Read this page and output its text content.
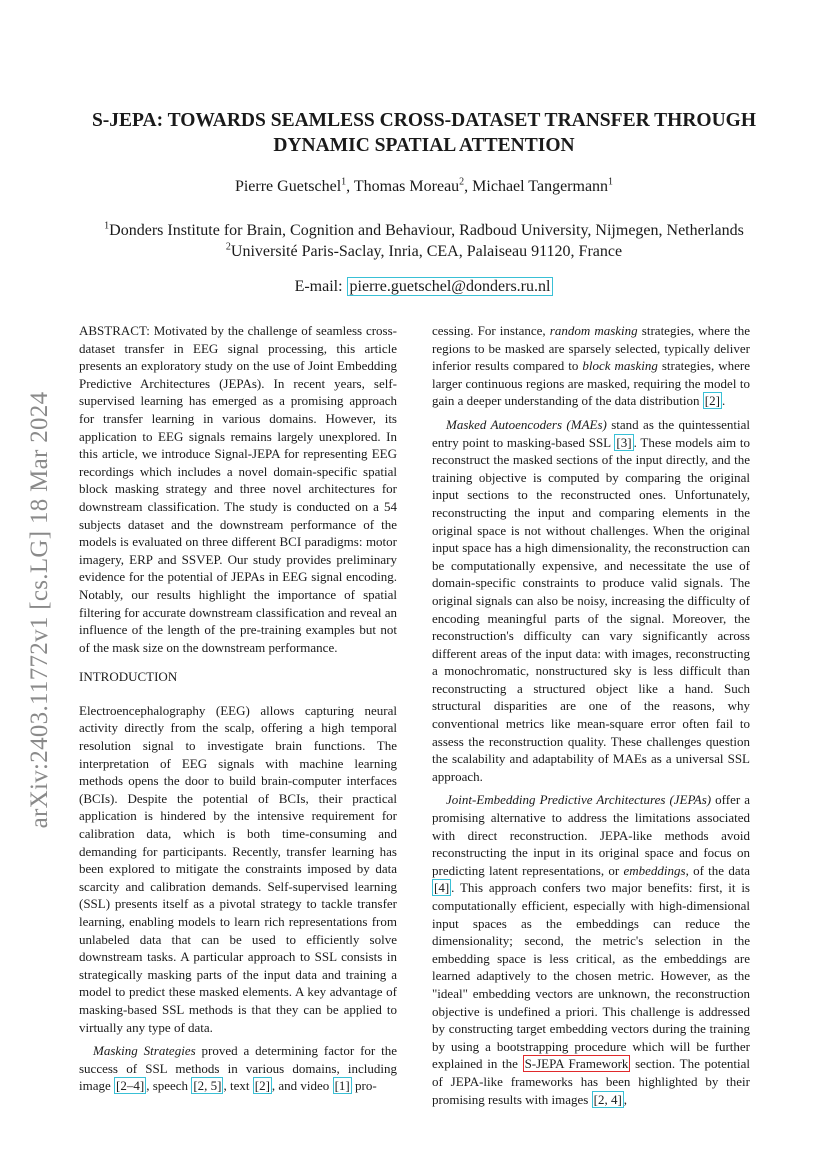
arXiv:2403.11772v1 [cs.LG] 18 Mar 2024
S-JEPA: TOWARDS SEAMLESS CROSS-DATASET TRANSFER THROUGH
DYNAMIC SPATIAL ATTENTION
Pierre Guetschel$^1$, Thomas Moreau$^2$, Michael Tangermann$^1$
$^1$Donders Institute for Brain, Cognition and Behaviour, Radboud University, Nijmegen, Netherlands
$^2$Université Paris-Saclay, Inria, CEA, Palaiseau 91120, France
E-mail: pierre.guetschel@donders.ru.nl

ABSTRACT: Motivated by the challenge of seamless cross-dataset transfer in EEG signal processing, this article presents an exploratory study on the use of Joint Embedding Predictive Architectures (JEPAs). In recent years, self-supervised learning has emerged as a promising approach for transfer learning in various domains. However, its application to EEG signals remains largely unexplored. In this article, we introduce Signal-JEPA for representing EEG recordings which includes a novel domain-specific spatial block masking strategy and three novel architectures for downstream classification. The study is conducted on a 54 subjects dataset and the downstream performance of the models is evaluated on three different BCI paradigms: motor imagery, ERP and SSVEP. Our study provides preliminary evidence for the potential of JEPAs in EEG signal encoding. Notably, our results highlight the importance of spatial filtering for accurate downstream classification and reveal an influence of the length of the pre-training examples but not of the mask size on the downstream performance.

INTRODUCTION

Electroencephalography (EEG) allows capturing neural activity directly from the scalp, offering a high temporal resolution signal to investigate brain functions. The interpretation of EEG signals with machine learning methods opens the door to build brain-computer interfaces (BCIs). Despite the potential of BCIs, their practical application is hindered by the intensive requirement for calibration data, which is both time-consuming and demanding for participants. Recently, transfer learning has been explored to mitigate the constraints imposed by data scarcity and calibration demands. Self-supervised learning (SSL) presents itself as a pivotal strategy to tackle transfer learning, enabling models to learn rich representations from unlabeled data that can be used to efficiently solve downstream tasks. A particular approach to SSL consists in strategically masking parts of the input data and training a model to predict these masked elements. A key advantage of masking-based SSL methods is that they can be applied to virtually any type of data.

Masking Strategies proved a determining factor for the success of SSL methods in various domains, including image [2–4] , speech [2, 5] , text [2] , and video [1] pro-

cessing. For instance, random masking strategies, where the regions to be masked are sparsely selected, typically deliver inferior results compared to block masking strategies, where larger continuous regions are masked, requiring the model to gain a deeper understanding of the data distribution [2] .

Masked Autoencoders (MAEs) stand as the quintessential entry point to masking-based SSL [3] . These models aim to reconstruct the masked sections of the input directly, and the training objective is computed by comparing the original input sections to the reconstructed ones. Unfortunately, reconstructing the input and comparing elements in the original space is not without challenges. When the original input space has a high dimensionality, the reconstruction can be computationally expensive, and necessitate the use of domain-specific constraints to produce valid signals. The original signals can also be noisy, increasing the difficulty of encoding meaningful parts of the signal. Moreover, the reconstruction's difficulty can vary significantly across different areas of the input data: with images, reconstructing a monochromatic, nonstructured sky is less difficult than reconstructing a structured object like a hand. Such structural disparities are one of the reasons, why conventional metrics like mean-square error often fail to assess the reconstruction quality. These challenges question the scalability and adaptability of MAEs as a universal SSL approach.

Joint-Embedding Predictive Architectures (JEPAs) offer a promising alternative to address the limitations associated with direct reconstruction. JEPA-like methods avoid reconstructing the input in its original space and focus on predicting latent representations, or embeddings, of the data [4] . This approach confers two major benefits: first, it is computationally efficient, especially with high-dimensional input spaces as the embeddings can reduce the dimensionality; second, the metric's selection in the embedding space is less critical, as the embeddings are learned adaptively to the chosen metric. However, as the "ideal" embedding vectors are unknown, the reconstruction objective is undefined a priori. This challenge is addressed by constructing target embedding vectors during the training by using a bootstrapping procedure which will be further explained in the S-JEPA Framework section. The potential of JEPA-like frameworks has been highlighted by their promising results with images [2, 4] ,
